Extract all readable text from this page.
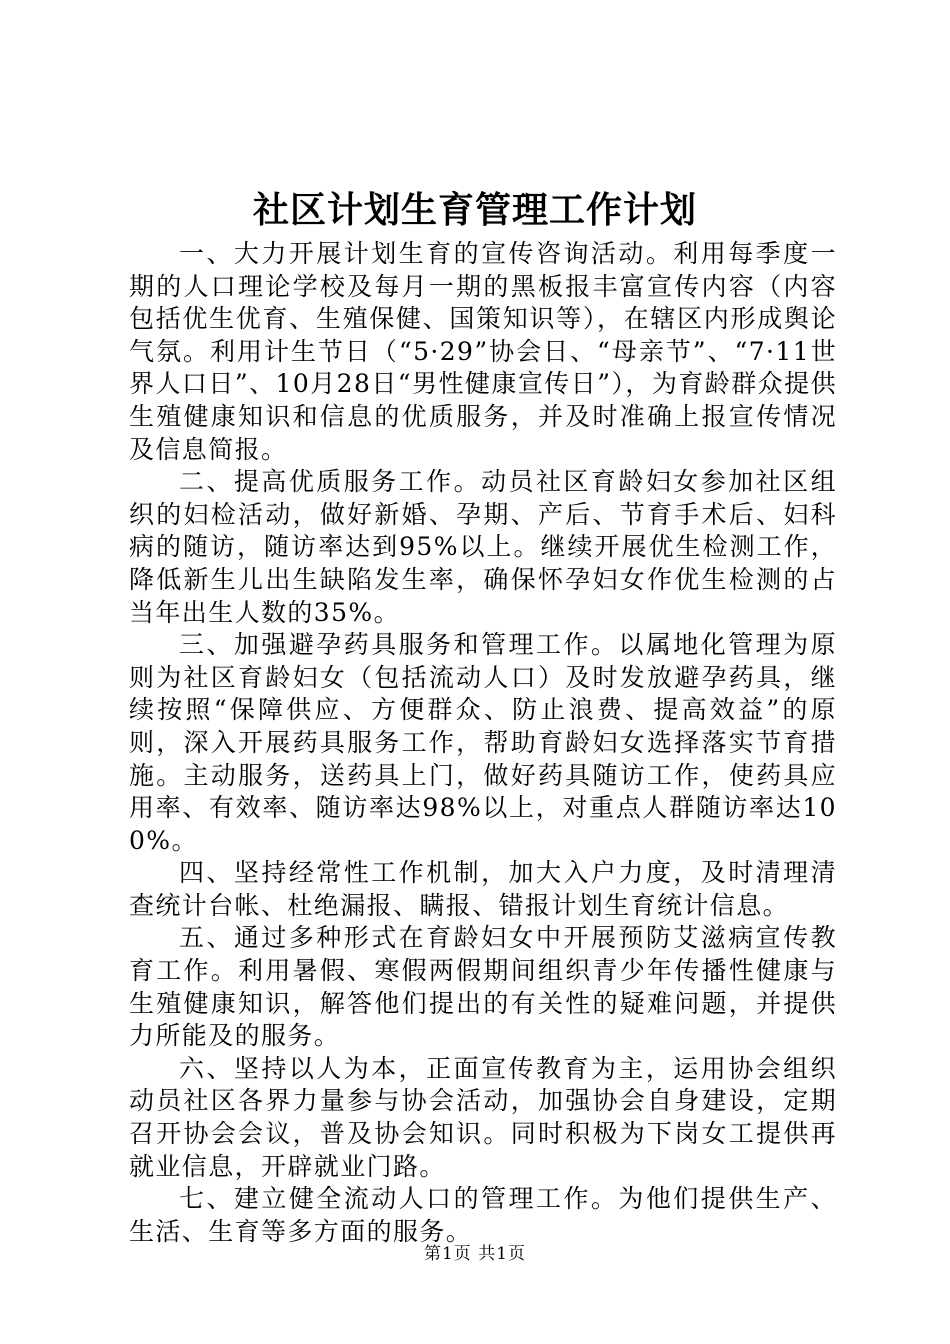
社区计划生育管理工作计划

一、大力开展计划生育的宣传咨询活动。利用每季度一期的人口理论学校及每月一期的黑板报丰富宣传内容（内容包括优生优育、生殖保健、国策知识等），在辖区内形成舆论气氛。利用计生节日（“5·29”协会日、“母亲节”、“7·11世界人口日”、10月28日“男性健康宣传日”），为育龄群众提供生殖健康知识和信息的优质服务，并及时准确上报宣传情况及信息简报。

二、提高优质服务工作。动员社区育龄妇女参加社区组织的妇检活动，做好新婚、孕期、产后、节育手术后、妇科病的随访，随访率达到95%以上。继续开展优生检测工作，降低新生儿出生缺陷发生率，确保怀孕妇女作优生检测的占当年出生人数的35%。

三、加强避孕药具服务和管理工作。以属地化管理为原则为社区育龄妇女（包括流动人口）及时发放避孕药具，继续按照“保障供应、方便群众、防止浪费、提高效益”的原则，深入开展药具服务工作，帮助育龄妇女选择落实节育措施。主动服务，送药具上门，做好药具随访工作，使药具应用率、有效率、随访率达98%以上，对重点人群随访率达100%。

四、坚持经常性工作机制，加大入户力度，及时清理清查统计台帐、杜绝漏报、瞒报、错报计划生育统计信息。

五、通过多种形式在育龄妇女中开展预防艾滋病宣传教育工作。利用暑假、寒假两假期间组织青少年传播性健康与生殖健康知识，解答他们提出的有关性的疑难问题，并提供力所能及的服务。

六、坚持以人为本，正面宣传教育为主，运用协会组织动员社区各界力量参与协会活动，加强协会自身建设，定期召开协会会议，普及协会知识。同时积极为下岗女工提供再就业信息，开辟就业门路。

七、建立健全流动人口的管理工作。为他们提供生产、生活、生育等多方面的服务。

第1页 共1页
